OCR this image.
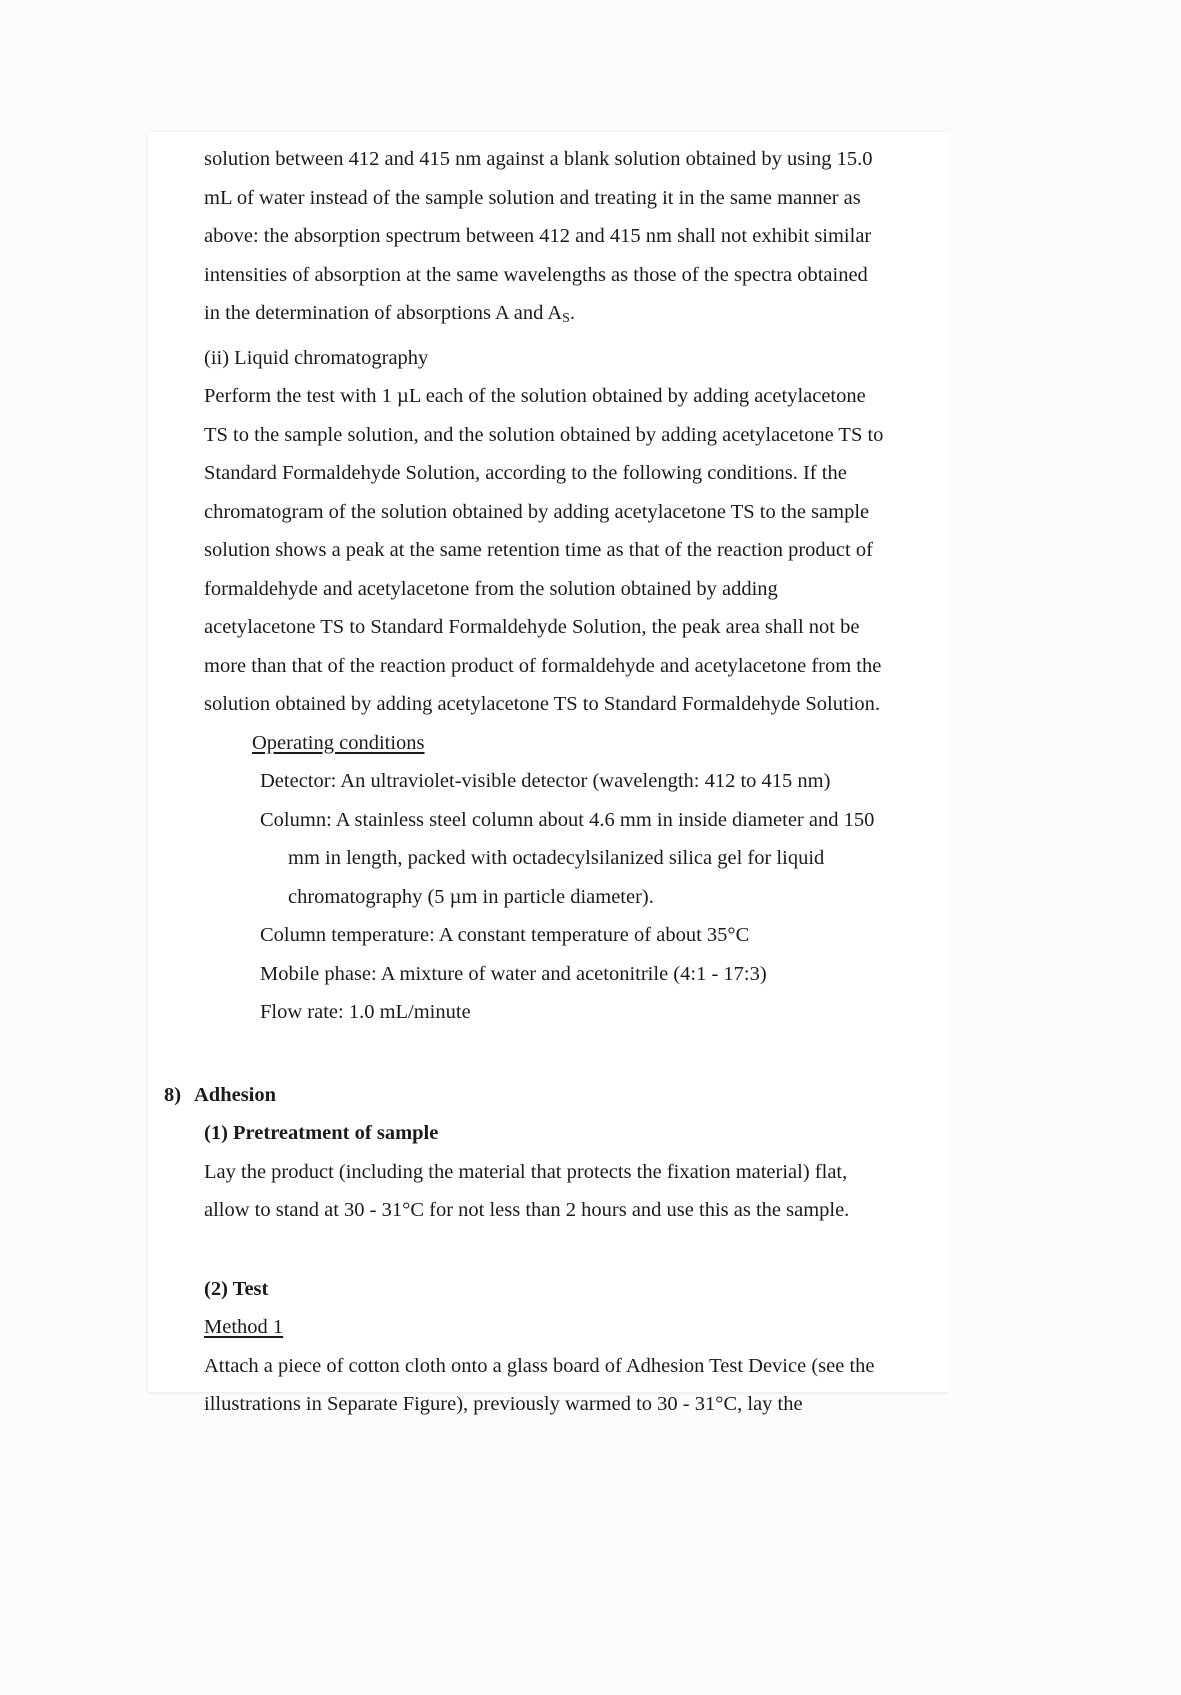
solution between 412 and 415 nm against a blank solution obtained by using 15.0
mL of water instead of the sample solution and treating it in the same manner as
above: the absorption spectrum between 412 and 415 nm shall not exhibit similar
intensities of absorption at the same wavelengths as those of the spectra obtained
in the determination of absorptions A and $A_S$.
(ii) Liquid chromatography
Perform the test with 1 µL each of the solution obtained by adding acetylacetone
TS to the sample solution, and the solution obtained by adding acetylacetone TS to
Standard Formaldehyde Solution, according to the following conditions. If the
chromatogram of the solution obtained by adding acetylacetone TS to the sample
solution shows a peak at the same retention time as that of the reaction product of
formaldehyde and acetylacetone from the solution obtained by adding
acetylacetone TS to Standard Formaldehyde Solution, the peak area shall not be
more than that of the reaction product of formaldehyde and acetylacetone from the
solution obtained by adding acetylacetone TS to Standard Formaldehyde Solution.
Operating conditions
Detector: An ultraviolet-visible detector (wavelength: 412 to 415 nm)
Column: A stainless steel column about 4.6 mm in inside diameter and 150
mm in length, packed with octadecylsilanized silica gel for liquid
chromatography (5 µm in particle diameter).
Column temperature: A constant temperature of about 35°C
Mobile phase: A mixture of water and acetonitrile (4:1 - 17:3)
Flow rate: 1.0 mL/minute
8) Adhesion
(1) Pretreatment of sample
Lay the product (including the material that protects the fixation material) flat,
allow to stand at 30 - 31°C for not less than 2 hours and use this as the sample.
(2) Test
Method 1
Attach a piece of cotton cloth onto a glass board of Adhesion Test Device (see the
illustrations in Separate Figure), previously warmed to 30 - 31°C, lay the
